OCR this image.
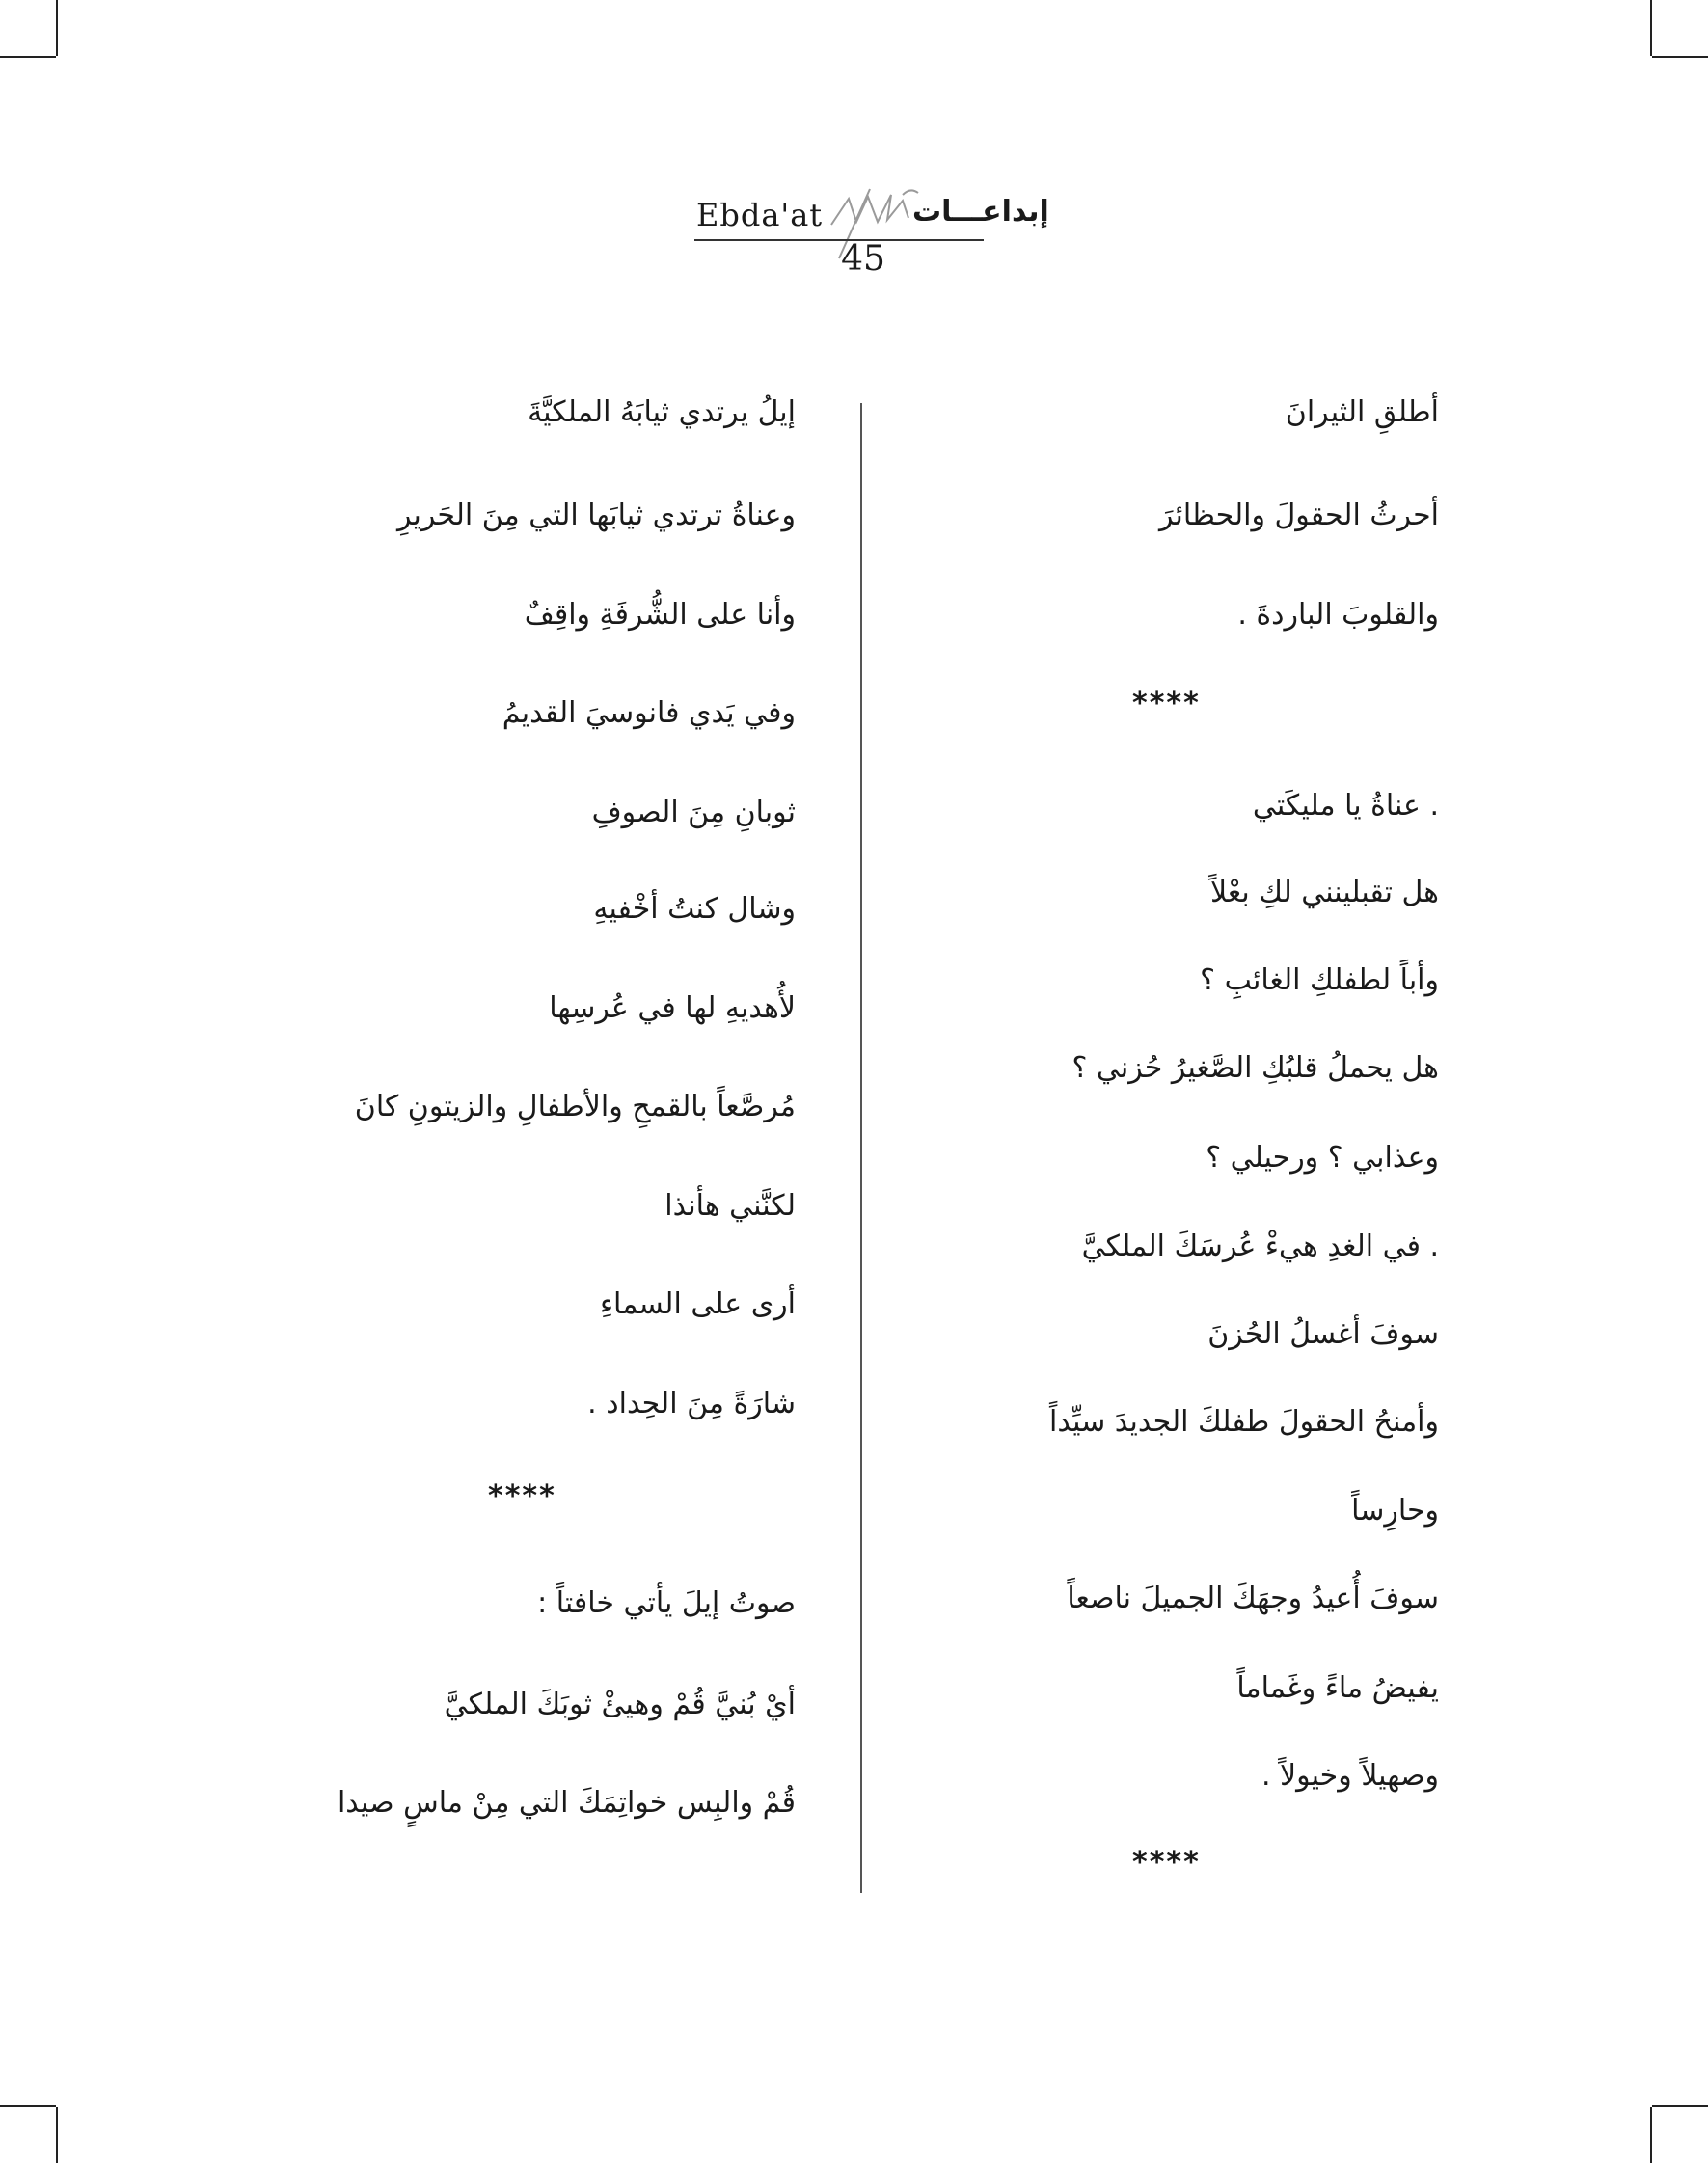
Ebda'at	إبداعـــات
45
أطلقِ الثيرانَ
أحرثُ الحقولَ والحظائرَ
والقلوبَ الباردةَ .
. عناةُ يا مليكَتي
هل تقبلينني لكِ بعْلاً
وأباً لطفلكِ الغائبِ ؟
هل يحملُ قلبُكِ الصَّغيرُ حُزني ؟
وعذابي ؟ ورحيلي ؟
. في الغدِ هيءْ عُرسَكَ الملكيَّ
سوفَ أغسلُ الحُزنَ
وأمنحُ الحقولَ طفلكَ الجديدَ سيِّداً
وحارِساً
سوفَ أُعيدُ وجهَكَ الجميلَ ناصعاً
يفيضُ ماءً وغَماماً
وصهيلاً وخيولاً .
****
****
إيلُ يرتدي ثيابَهُ الملكيَّةَ
وعناةُ ترتدي ثيابَها التي مِنَ الحَريرِ
وأنا على الشُّرفَةِ واقِفٌ
وفي يَدي فانوسيَ القديمُ
ثوبانِ مِنَ الصوفِ
وشال كنتُ أخْفيهِ
لأُهديهِ لها في عُرسِها
مُرصَّعاً بالقمحِ والأطفالِ والزيتونِ كانَ
لكنَّني هأنذا
أرى على السماءِ
شارَةً مِنَ الحِداد .
صوتُ إيلَ يأتي خافتاً :
أيْ بُنيَّ قُمْ وهيئْ ثوبَكَ الملكيَّ
قُمْ والبِس خواتِمَكَ التي مِنْ ماسٍ صيدا
****
